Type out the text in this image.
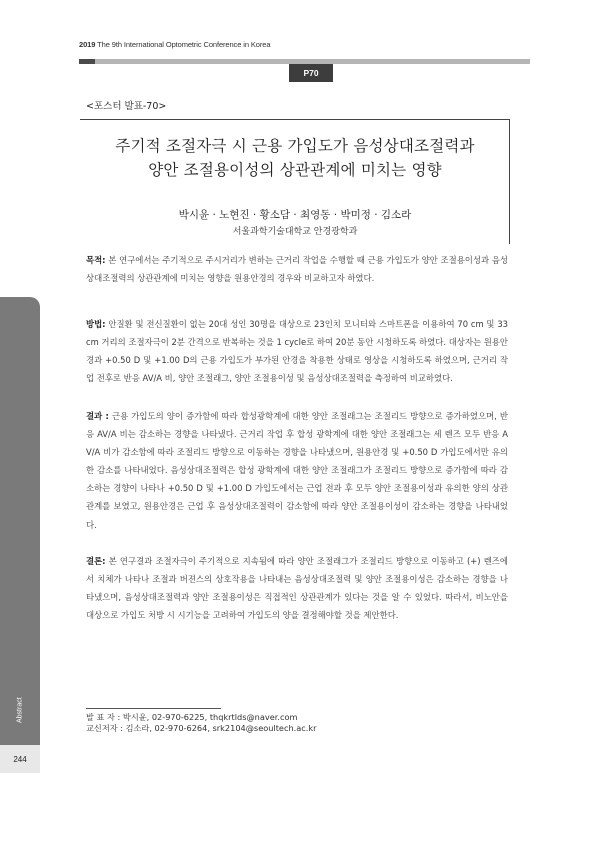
2019 The 9th International Optometric Conference in Korea
P70
<포스터 발표-70>
주기적 조절자극 시 근용 가입도가 음성상대조절력과
양안 조절용이성의 상관관계에 미치는 영향
박시윤 · 노현진 · 황소담 · 최영동 · 박미정 · 김소라
서울과학기술대학교 안경광학과
목적: 본 연구에서는 주기적으로 주시거리가 변하는 근거리 작업을 수행할 때 근용 가입도가 양안 조절용이성과 음성상대조절력의 상관관계에 미치는 영향을 원용안경의 경우와 비교하고자 하였다.
방법: 안질환 및 전신질환이 없는 20대 성인 30명을 대상으로 23인치 모니터와 스마트폰을 이용하여 70 cm 및 33 cm 거리의 조절자극이 2분 간격으로 반복하는 것을 1 cycle로 하여 20분 동안 시청하도록 하였다. 대상자는 원용안경과 +0.50 D 및 +1.00 D의 근용 가입도가 부가된 안경을 착용한 상태로 영상을 시청하도록 하였으며, 근거리 작업 전후로 반응 AV/A 비, 양안 조절래그, 양안 조절용이성 및 음성상대조절력을 측정하여 비교하였다.
결과 : 근용 가입도의 양이 증가함에 따라 합성광학계에 대한 양안 조절래그는 조절리드 방향으로 증가하였으며, 반응 AV/A 비는 감소하는 경향을 나타냈다. 근거리 작업 후 합성 광학계에 대한 양안 조절래그는 세 렌즈 모두 반응 AV/A 비가 감소함에 따라 조절리드 방향으로 이동하는 경향을 나타냈으며, 원용안경 및 +0.50 D 가입도에서만 유의한 감소를 나타내었다. 음성상대조절력은 합성 광학계에 대한 양안 조절래그가 조절리드 방향으로 증가함에 따라 감소하는 경향이 나타나 +0.50 D 및 +1.00 D 가입도에서는 근업 전과 후 모두 양안 조절용이성과 유의한 양의 상관관계를 보였고, 원용안경은 근업 후 음성상대조절력이 감소함에 따라 양안 조절용이성이 감소하는 경향을 나타내었다.
결론: 본 연구결과 조절자극이 주기적으로 지속됨에 따라 양안 조절래그가 조절리드 방향으로 이동하고 (+) 렌즈에서 치체가 나타나 조절과 버젼스의 상호작용을 나타내는 음성상대조절력 및 양안 조절용이성은 감소하는 경향을 나타냈으며, 음성상대조절력과 양안 조절용이성은 직접적인 상관관계가 있다는 것을 알 수 있었다. 따라서, 비노안을 대상으로 가입도 처방 시 시기능을 고려하여 가입도의 양을 결정해야할 것을 제안한다.
Abstract
244
발 표 자 : 박시윤, 02-970-6225, thqkrtlds@naver.com
교신저자 : 김소라, 02-970-6264, srk2104@seoultech.ac.kr
